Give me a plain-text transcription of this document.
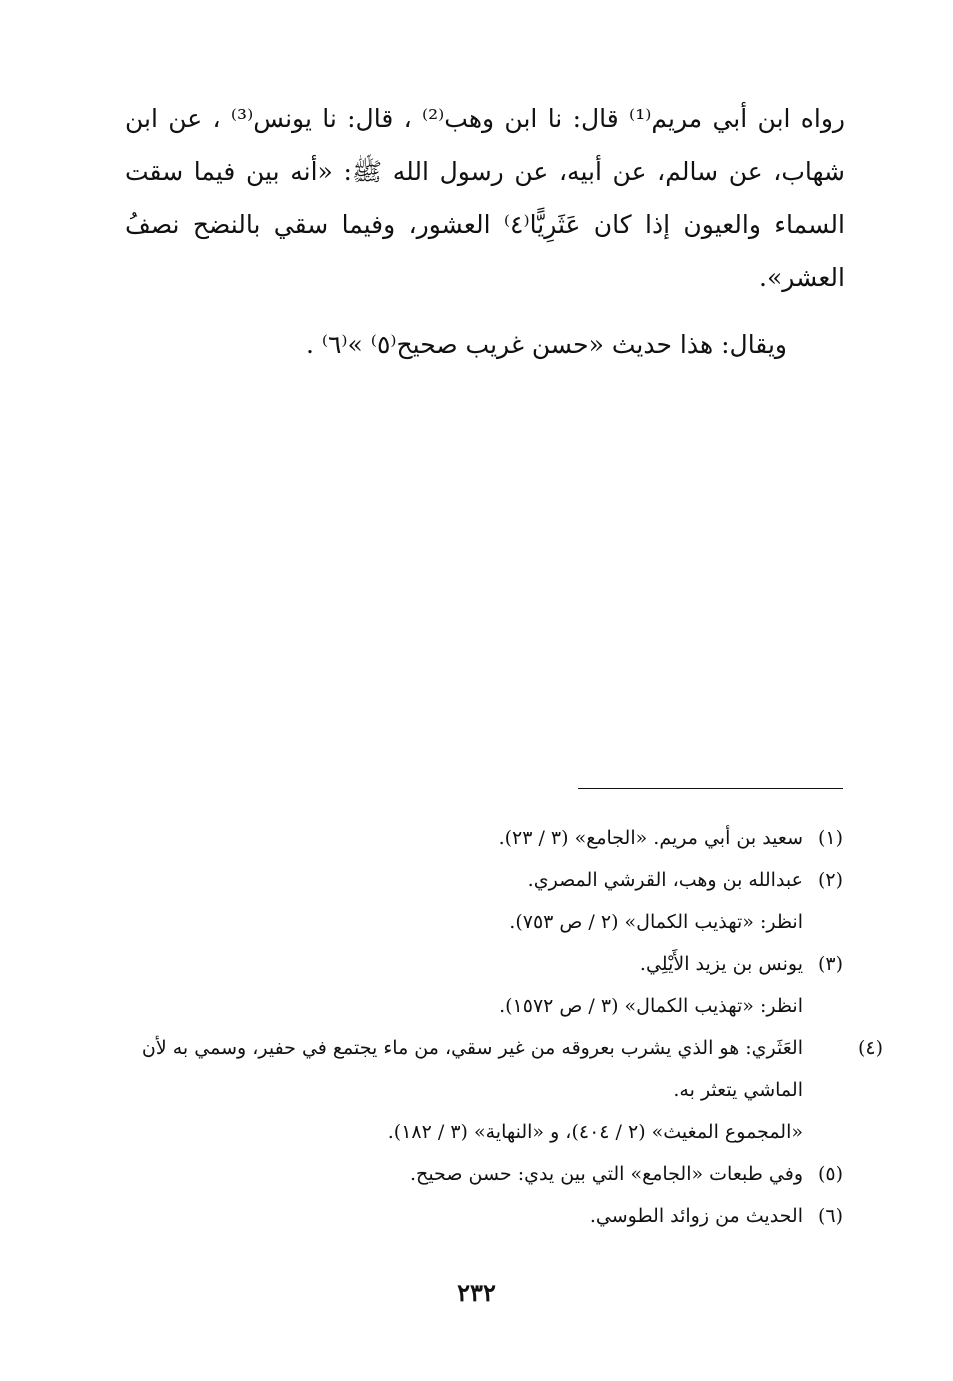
رواه ابن أبي مريم⁽¹⁾ قال: نا ابن وهب⁽²⁾ ، قال: نا يونس⁽³⁾ ، عن ابن شهاب، عن سالم، عن أبيه، عن رسول الله ﷺ: «أنه بين فيما سقت السماء والعيون إذا كان عَثَرِيًّا⁽٤⁾ العشور، وفيما سقي بالنضح نصفُ العشر».

ويقال: هذا حديث «حسن غريب صحيح⁽٥⁾ »⁽٦⁾ .

(١)سعيد بن أبي مريم. «الجامع» (٣ / ٢٣).
(٢)عبدالله بن وهب، القرشي المصري.
انظر: «تهذيب الكمال» (٢ / ص ٧٥٣).
(٣)يونس بن يزيد الأَيْلِي.
انظر: «تهذيب الكمال» (٣ / ص ١٥٧٢).
(٤)العَثَري: هو الذي يشرب بعروقه من غير سقي، من ماء يجتمع في حفير، وسمي به لأن الماشي يتعثر به.
«المجموع المغيث» (٢ / ٤٠٤)، و «النهاية» (٣ / ١٨٢).
(٥)وفي طبعات «الجامع» التي بين يدي: حسن صحيح.
(٦)الحديث من زوائد الطوسي.
٢٣٢
